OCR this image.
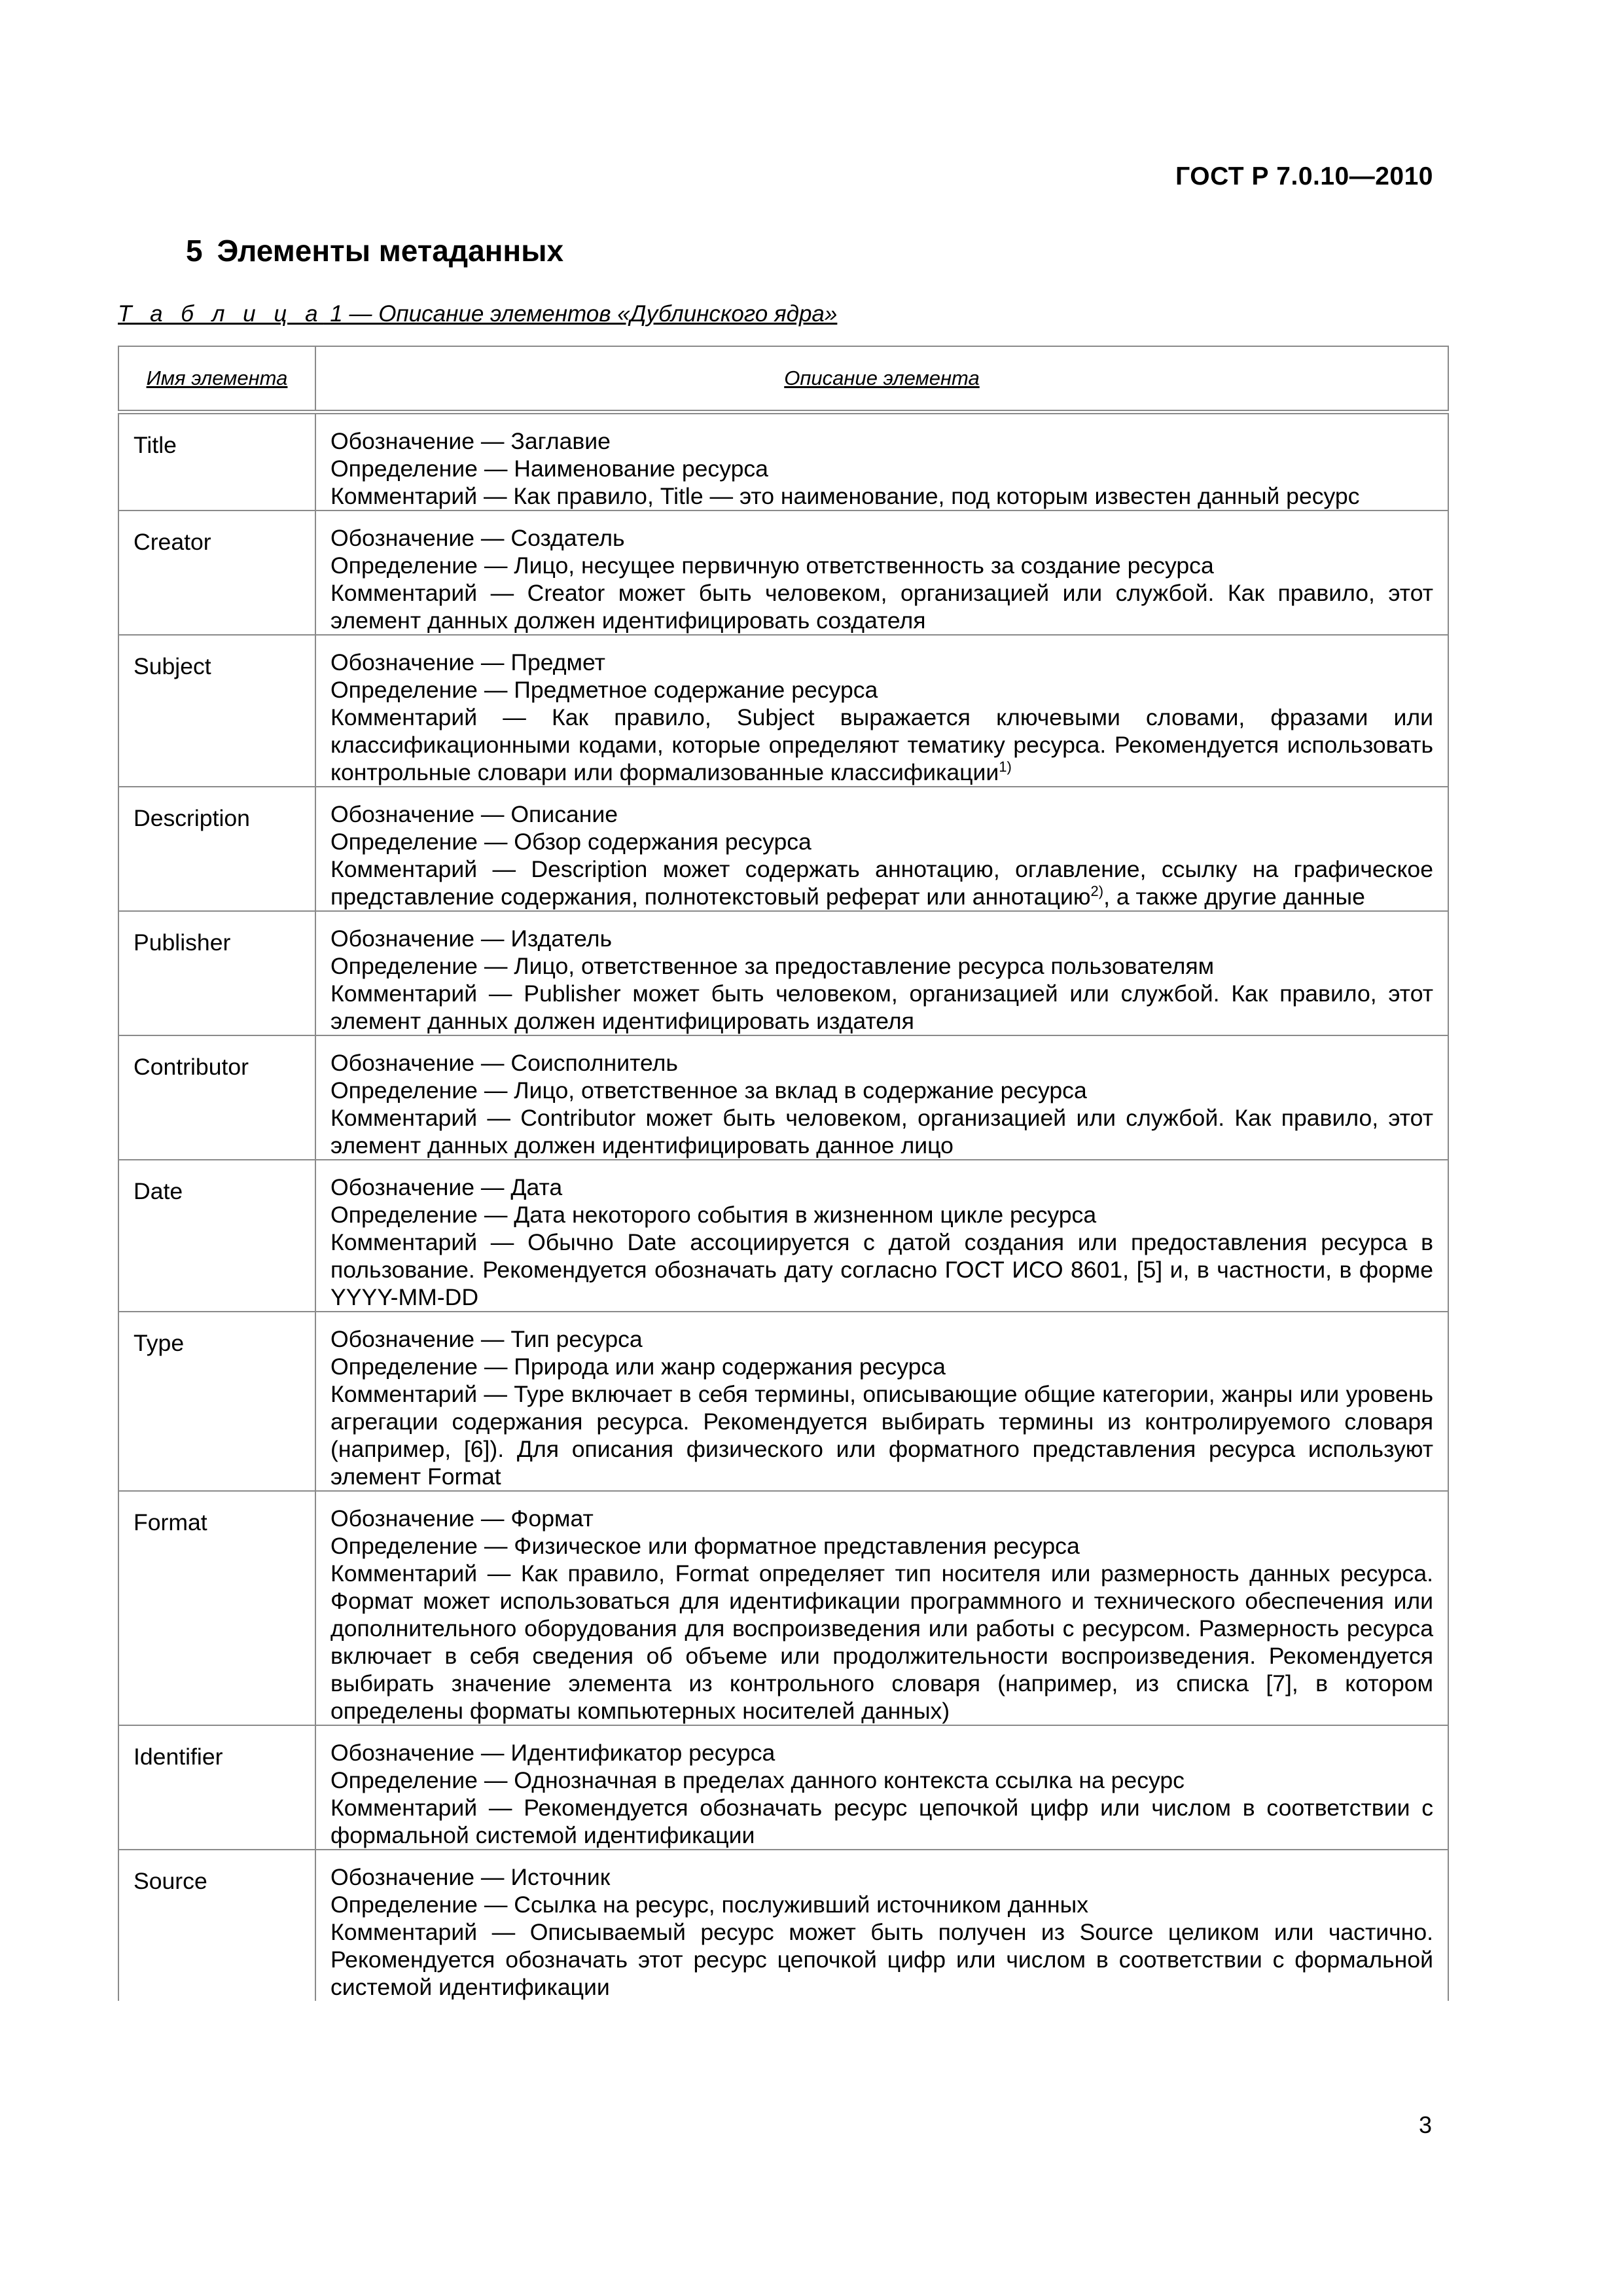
ГОСТ Р 7.0.10—2010
5 Элементы метаданных
Т а б л и ц а 1 — Описание элементов «Дублинского ядра»
Имя элемента	Описание элемента
Title	Обозначение — Заглавие
Определение — Наименование ресурса
Комментарий — Как правило, Title — это наименование, под которым известен данный ресурс

Creator	Обозначение — Создатель
Определение — Лицо, несущее первичную ответственность за создание ресурса
Комментарий — Creator может быть человеком, организацией или службой. Как правило, этот элемент данных должен идентифицировать создателя

Subject	Обозначение — Предмет
Определение — Предметное содержание ресурса
Комментарий — Как правило, Subject выражается ключевыми словами, фразами или классификационными кодами, которые определяют тематику ресурса. Рекомендуется использовать контрольные словари или формализованные классификации$^{1)}$

Description	Обозначение — Описание
Определение — Обзор содержания ресурса
Комментарий — Description может содержать аннотацию, оглавление, ссылку на графическое представление содержания, полнотекстовый реферат или аннотацию$^{2)}$, а также другие данные

Publisher	Обозначение — Издатель
Определение — Лицо, ответственное за предоставление ресурса пользователям
Комментарий — Publisher может быть человеком, организацией или службой. Как правило, этот элемент данных должен идентифицировать издателя

Contributor	Обозначение — Соисполнитель
Определение — Лицо, ответственное за вклад в содержание ресурса
Комментарий — Contributor может быть человеком, организацией или службой. Как правило, этот элемент данных должен идентифицировать данное лицо

Date	Обозначение — Дата
Определение — Дата некоторого события в жизненном цикле ресурса
Комментарий — Обычно Date ассоциируется с датой создания или предоставления ресурса в пользование. Рекомендуется обозначать дату согласно ГОСТ ИСО 8601, [5] и, в частности, в форме YYYY-MM-DD

Type	Обозначение — Тип ресурса
Определение — Природа или жанр содержания ресурса
Комментарий — Type включает в себя термины, описывающие общие категории, жанры или уровень агрегации содержания ресурса. Рекомендуется выбирать термины из контролируемого словаря (например, [6]). Для описания физического или форматного представления ресурса используют элемент Format

Format	Обозначение — Формат
Определение — Физическое или форматное представления ресурса
Комментарий — Как правило, Format определяет тип носителя или размерность данных ресурса. Формат может использоваться для идентификации программного и технического обеспечения или дополнительного оборудования для воспроизведения или работы с ресурсом. Размерность ресурса включает в себя сведения об объеме или продолжительности воспроизведения. Рекомендуется выбирать значение элемента из контрольного словаря (например, из списка [7], в котором определены форматы компьютерных носителей данных)

Identifier	Обозначение — Идентификатор ресурса
Определение — Однозначная в пределах данного контекста ссылка на ресурс
Комментарий — Рекомендуется обозначать ресурс цепочкой цифр или числом в соответствии с формальной системой идентификации

Source	Обозначение — Источник
Определение — Ссылка на ресурс, послуживший источником данных
Комментарий — Описываемый ресурс может быть получен из Source целиком или частично. Рекомендуется обозначать этот ресурс цепочкой цифр или числом в соответствии с формальной системой идентификации
3
